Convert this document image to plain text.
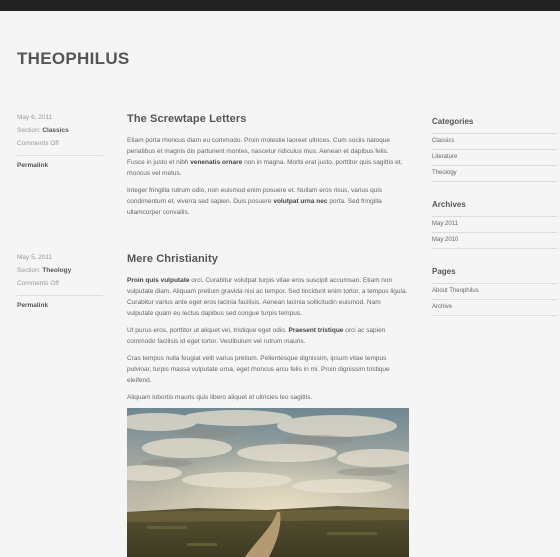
THEOPHILUS
May 6, 2011
Section: Classics
Comments Off
Permalink
The Screwtape Letters

Etiam porta rhoncus diam eu commodo. Proin molestie laoreet ultrices. Cum sociis natoque penatibus et magnis dis parturient montes, nascetur ridiculus mus. Aenean et dapibus felis. Fusce in justo et nibh venenatis ornare non in magna. Morbi erat justo, porttitor quis sagittis et, rhoncus vel metus.

Integer fringilla rutrum odio, non euismod enim posuere et. Nullam eros risus, varius quis condimentum et, viverra sed sapien. Duis posuere volutpat urna nec porta. Sed fringilla ullamcorper convallis.

May 5, 2011
Section: Theology
Comments Off
Permalink
Mere Christianity

Proin quis vulputate orci. Curabitur volutpat turpis vitae eros suscipit accumsan. Etiam non vulputate diam. Aliquam pretium gravida nisi ac tempor. Sed tincidunt enim tortor, a tempus ligula. Curabitur varius ante eget eros lacinia facilisis. Aenean lacinia sollicitudin euismod. Nam vulputate quam eu lectus dapibus sed congue turpis tempus.

Ut purus eros, porttitor ut aliquet vel, tristique eget odio. Praesent tristique orci ac sapien commodo facilisis id eget tortor. Vestibulum vel rutrum mauris.

Cras tempus nulla feugiat velit varius pretium. Pellentesque dignissim, ipsum vitae tempus pulvinar, turpis massa vulputate urna, eget rhoncus arcu felis in mi. Proin dignissim tristique eleifend.

Aliquam lobortis mauris quis libero aliquet et ultricies leo sagittis.

Categories
Classics
Literature
Theology
Archives
May 2011
May 2010
Pages
About Theophilus
Archive
